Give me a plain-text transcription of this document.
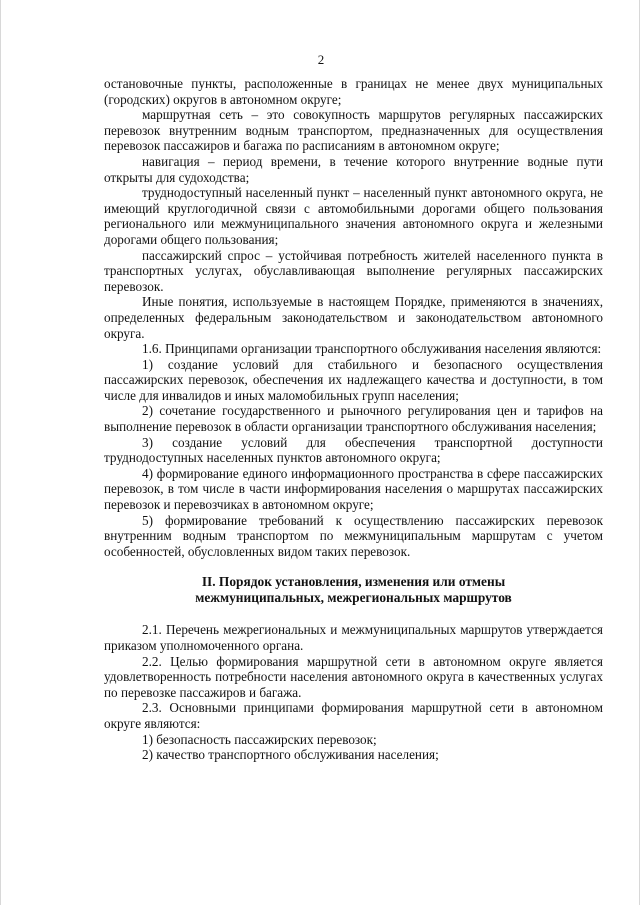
2

остановочные пункты, расположенные в границах не менее двух муниципальных (городских) округов в автономном округе;

маршрутная сеть – это совокупность маршрутов регулярных пассажирских перевозок внутренним водным транспортом, предназначенных для осуществления перевозок пассажиров и багажа по расписаниям в автономном округе;

навигация – период времени, в течение которого внутренние водные пути открыты для судоходства;

труднодоступный населенный пункт – населенный пункт автономного округа, не имеющий круглогодичной связи с автомобильными дорогами общего пользования регионального или межмуниципального значения автономного округа и железными дорогами общего пользования;

пассажирский спрос – устойчивая потребность жителей населенного пункта в транспортных услугах, обуславливающая выполнение регулярных пассажирских перевозок.

Иные понятия, используемые в настоящем Порядке, применяются в значениях, определенных федеральным законодательством и законодательством автономного округа.

1.6. Принципами организации транспортного обслуживания населения являются:

1) создание условий для стабильного и безопасного осуществления пассажирских перевозок, обеспечения их надлежащего качества и доступности, в том числе для инвалидов и иных маломобильных групп населения;

2) сочетание государственного и рыночного регулирования цен и тарифов на выполнение перевозок в области организации транспортного обслуживания населения;

3) создание условий для обеспечения транспортной доступности труднодоступных населенных пунктов автономного округа;

4) формирование единого информационного пространства в сфере пассажирских перевозок, в том числе в части информирования населения о маршрутах пассажирских перевозок и перевозчиках в автономном округе;

5) формирование требований к осуществлению пассажирских перевозок внутренним водным транспортом по межмуниципальным маршрутам с учетом особенностей, обусловленных видом таких перевозок.

II. Порядок установления, изменения или отмены
межмуниципальных, межрегиональных маршрутов

2.1. Перечень межрегиональных и межмуниципальных маршрутов утверждается приказом уполномоченного органа.

2.2. Целью формирования маршрутной сети в автономном округе является удовлетворенность потребности населения автономного округа в качественных услугах по перевозке пассажиров и багажа.

2.3. Основными принципами формирования маршрутной сети в автономном округе являются:

1) безопасность пассажирских перевозок;

2) качество транспортного обслуживания населения;
